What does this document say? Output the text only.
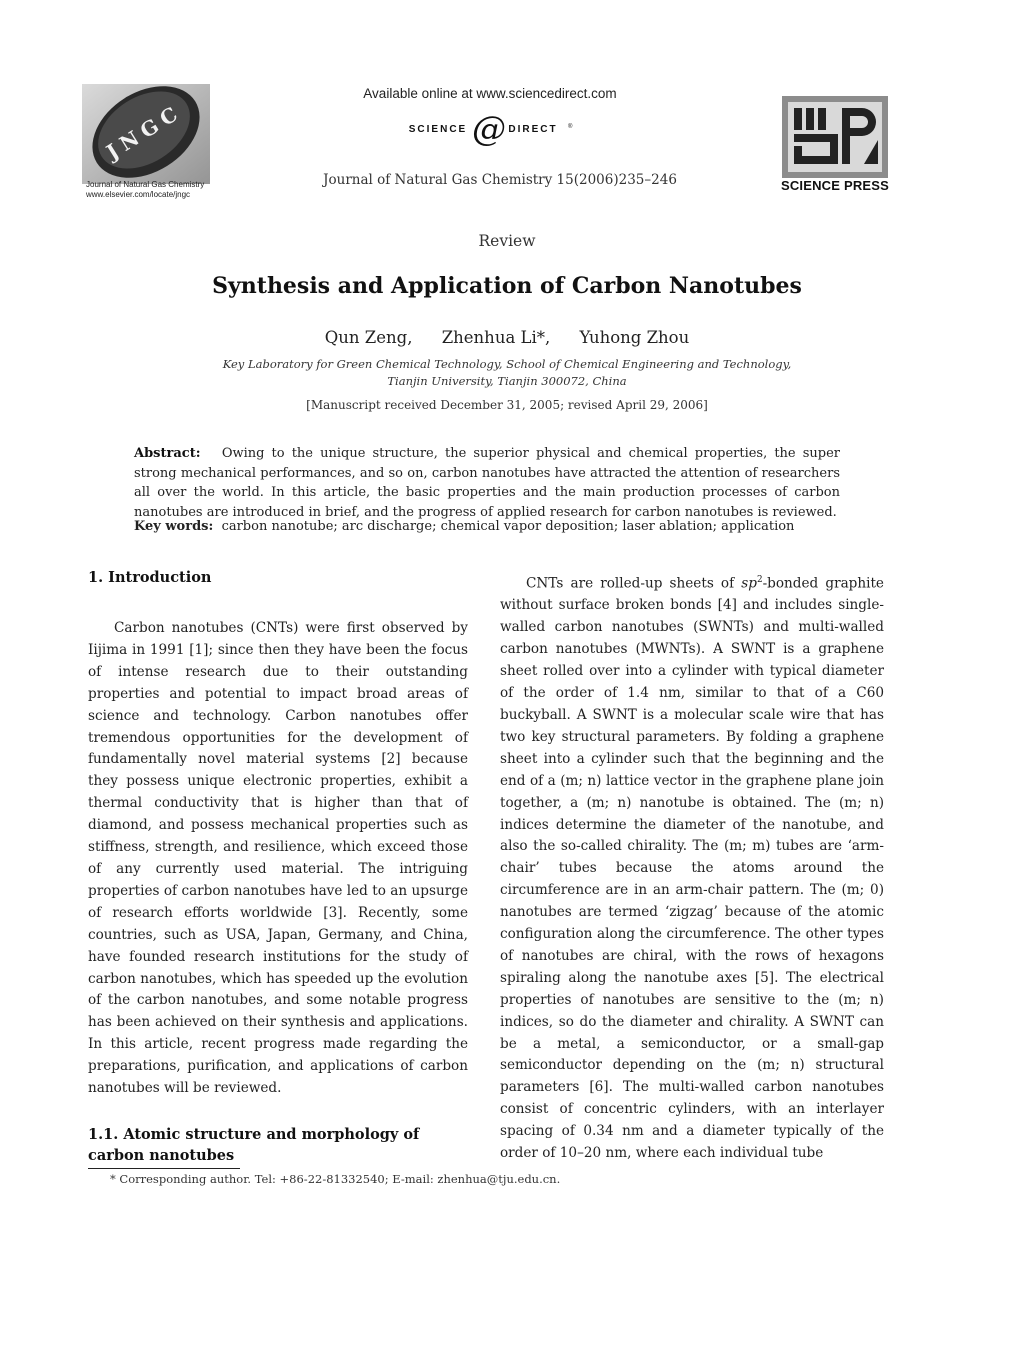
JNGC
Journal of Natural Gas Chemistry
www.elsevier.com/locate/jngc
Available online at www.sciencedirect.com
SCIENCE @ DIRECT ®
Journal of Natural Gas Chemistry 15(2006)235–246	SCIENCE PRESS
Review
Synthesis and Application of Carbon Nanotubes
Qun Zeng, Zhenhua Li*, Yuhong Zhou
Key Laboratory for Green Chemical Technology, School of Chemical Engineering and Technology,
Tianjin University, Tianjin 300072, China
[Manuscript received December 31, 2005; revised April 29, 2006]
Abstract: Owing to the unique structure, the superior physical and chemical properties, the super strong mechanical performances, and so on, carbon nanotubes have attracted the attention of researchers all over the world. In this article, the basic properties and the main production processes of carbon nanotubes are introduced in brief, and the progress of applied research for carbon nanotubes is reviewed.
Key words: carbon nanotube; arc discharge; chemical vapor deposition; laser ablation; application
1. Introduction
Carbon nanotubes (CNTs) were first observed by Iijima in 1991 [1]; since then they have been the focus of intense research due to their outstanding properties and potential to impact broad areas of science and technology. Carbon nanotubes offer tremendous opportunities for the development of fundamentally novel material systems [2] because they possess unique electronic properties, exhibit a thermal conductivity that is higher than that of diamond, and possess mechanical properties such as stiffness, strength, and resilience, which exceed those of any currently used material. The intriguing properties of carbon nanotubes have led to an upsurge of research efforts worldwide [3]. Recently, some countries, such as USA, Japan, Germany, and China, have founded research institutions for the study of carbon nanotubes, which has speeded up the evolution of the carbon nanotubes, and some notable progress has been achieved on their synthesis and applications. In this article, recent progress made regarding the preparations, purification, and applications of carbon nanotubes will be reviewed.
1.1. Atomic structure and morphology of carbon nanotubes
CNTs are rolled-up sheets of $sp^2$-bonded graphite without surface broken bonds [4] and includes single-walled carbon nanotubes (SWNTs) and multi-walled carbon nanotubes (MWNTs). A SWNT is a graphene sheet rolled over into a cylinder with typical diameter of the order of 1.4 nm, similar to that of a C60 buckyball. A SWNT is a molecular scale wire that has two key structural parameters. By folding a graphene sheet into a cylinder such that the beginning and the end of a (m; n) lattice vector in the graphene plane join together, a (m; n) nanotube is obtained. The (m; n) indices determine the diameter of the nanotube, and also the so-called chirality. The (m; m) tubes are ‘arm-chair’ tubes because the atoms around the circumference are in an arm-chair pattern. The (m; 0) nanotubes are termed ‘zigzag’ because of the atomic configuration along the circumference. The other types of nanotubes are chiral, with the rows of hexagons spiraling along the nanotube axes [5]. The electrical properties of nanotubes are sensitive to the (m; n) indices, so do the diameter and chirality. A SWNT can be a metal, a semiconductor, or a small-gap semiconductor depending on the (m; n) structural parameters [6]. The multi-walled carbon nanotubes consist of concentric cylinders, with an interlayer spacing of 0.34 nm and a diameter typically of the order of 10–20 nm, where each individual tube
* Corresponding author. Tel: +86-22-81332540; E-mail: zhenhua@tju.edu.cn.
